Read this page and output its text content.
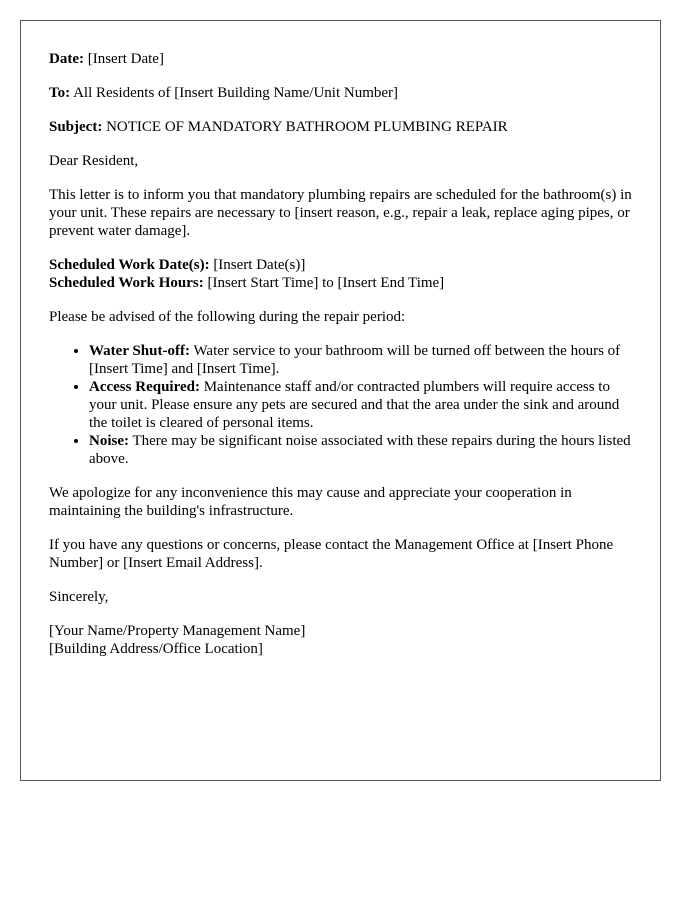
Date: [Insert Date]

To: All Residents of [Insert Building Name/Unit Number]

Subject: NOTICE OF MANDATORY BATHROOM PLUMBING REPAIR

Dear Resident,

This letter is to inform you that mandatory plumbing repairs are scheduled for the bathroom(s) in your unit. These repairs are necessary to [insert reason, e.g., repair a leak, replace aging pipes, or prevent water damage].

Scheduled Work Date(s): [Insert Date(s)]
Scheduled Work Hours: [Insert Start Time] to [Insert End Time]

Please be advised of the following during the repair period:

• Water Shut-off: Water service to your bathroom will be turned off between the hours of [Insert Time] and [Insert Time].
• Access Required: Maintenance staff and/or contracted plumbers will require access to your unit. Please ensure any pets are secured and that the area under the sink and around the toilet is cleared of personal items.
• Noise: There may be significant noise associated with these repairs during the hours listed above.

We apologize for any inconvenience this may cause and appreciate your cooperation in maintaining the building's infrastructure.

If you have any questions or concerns, please contact the Management Office at [Insert Phone Number] or [Insert Email Address].

Sincerely,

[Your Name/Property Management Name]
[Building Address/Office Location]
